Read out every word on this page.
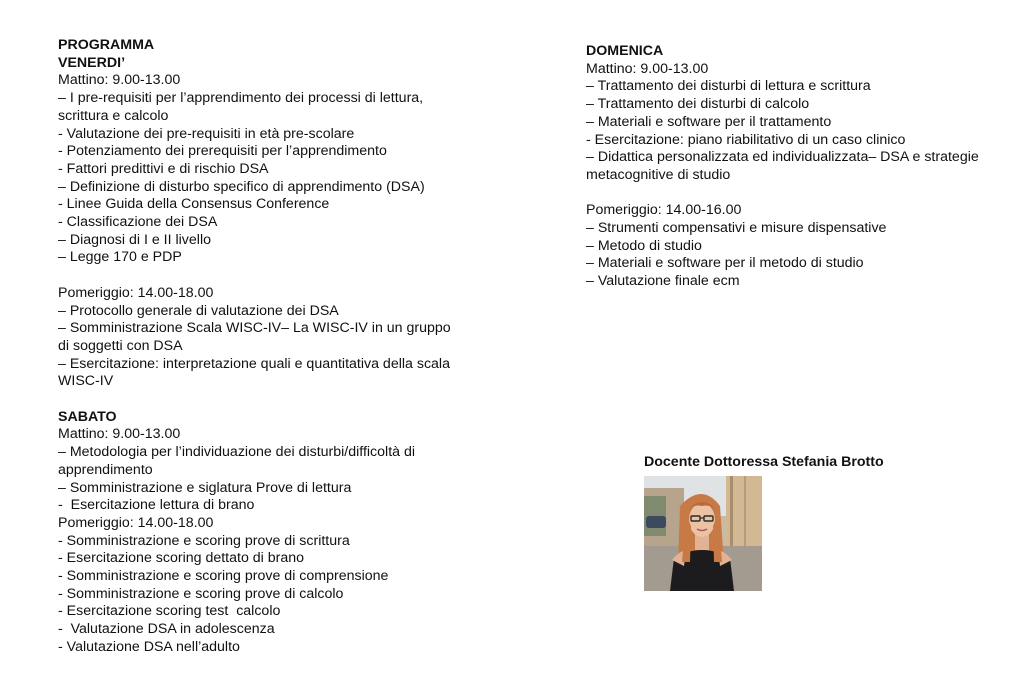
PROGRAMMA
VENERDI’
Mattino: 9.00-13.00
– I pre-requisiti per l’apprendimento dei processi di lettura,
scrittura e calcolo
- Valutazione dei pre-requisiti in età pre-scolare
- Potenziamento dei prerequisiti per l’apprendimento
- Fattori predittivi e di rischio DSA
– Definizione di disturbo specifico di apprendimento (DSA)
- Linee Guida della Consensus Conference
- Classificazione dei DSA
– Diagnosi di I e II livello
– Legge 170 e PDP
Pomeriggio: 14.00-18.00
– Protocollo generale di valutazione dei DSA
– Somministrazione Scala WISC-IV– La WISC-IV in un gruppo
di soggetti con DSA
– Esercitazione: interpretazione quali e quantitativa della scala
WISC-IV
SABATO
Mattino: 9.00-13.00
– Metodologia per l’individuazione dei disturbi/difficoltà di
apprendimento
– Somministrazione e siglatura Prove di lettura
-  Esercitazione lettura di brano
Pomeriggio: 14.00-18.00
- Somministrazione e scoring prove di scrittura
- Esercitazione scoring dettato di brano
- Somministrazione e scoring prove di comprensione
- Somministrazione e scoring prove di calcolo
- Esercitazione scoring test  calcolo
-  Valutazione DSA in adolescenza
- Valutazione DSA nell’adulto
DOMENICA
Mattino: 9.00-13.00
– Trattamento dei disturbi di lettura e scrittura
– Trattamento dei disturbi di calcolo
– Materiali e software per il trattamento
- Esercitazione: piano riabilitativo di un caso clinico
– Didattica personalizzata ed individualizzata– DSA e strategie
metacognitive di studio
Pomeriggio: 14.00-16.00
– Strumenti compensativi e misure dispensative
– Metodo di studio
– Materiali e software per il metodo di studio
– Valutazione finale ecm
Docente Dottoressa Stefania Brotto
